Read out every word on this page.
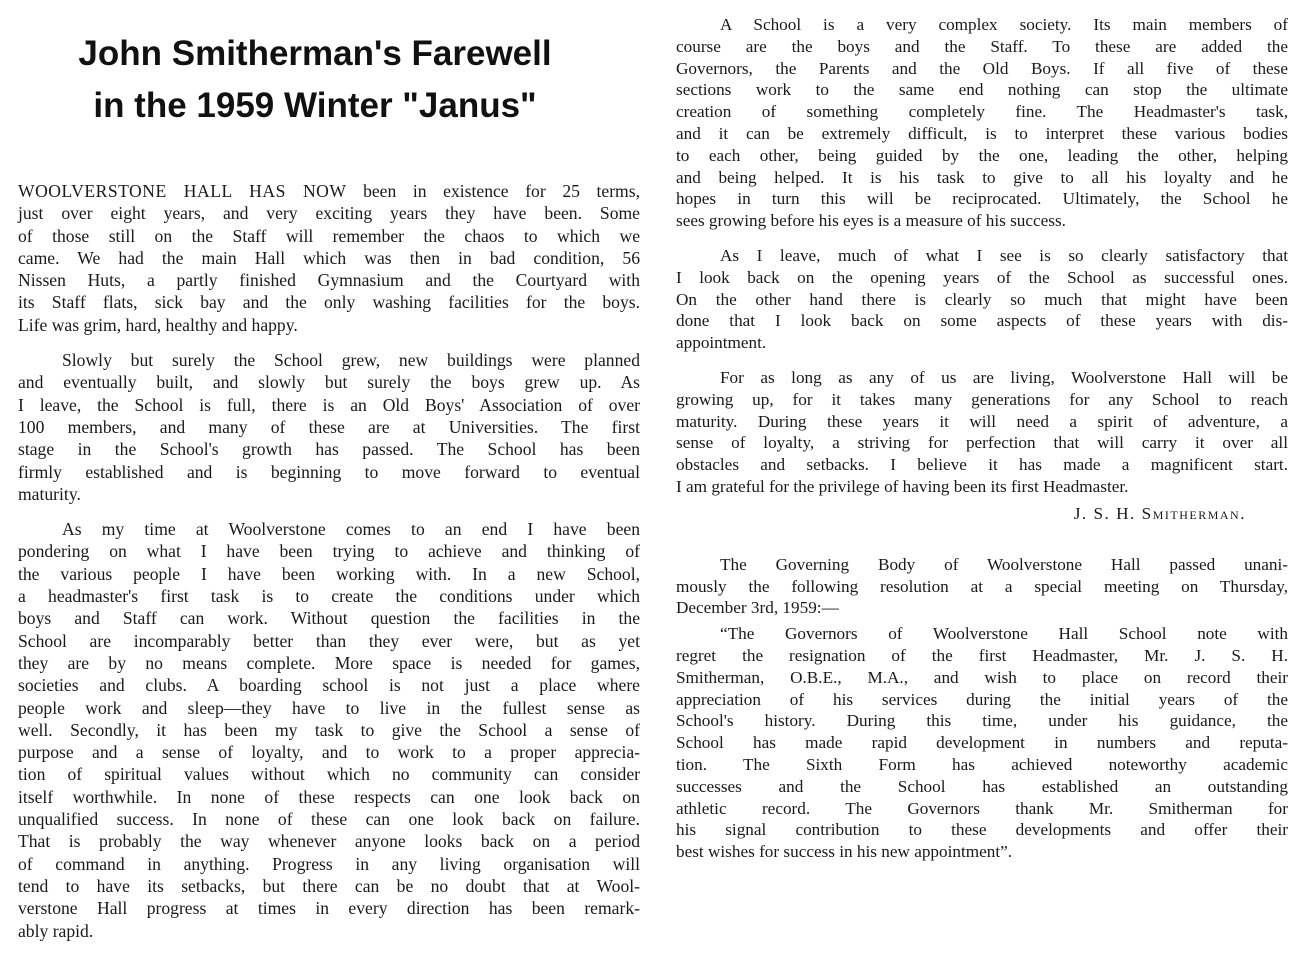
John Smitherman's Farewell
in the 1959 Winter "Janus"
WOOLVERSTONE HALL HAS NOW been in existence for 25 terms,
just over eight years, and very exciting years they have been. Some
of those still on the Staff will remember the chaos to which we
came. We had the main Hall which was then in bad condition, 56
Nissen Huts, a partly finished Gymnasium and the Courtyard with
its Staff flats, sick bay and the only washing facilities for the boys.
Life was grim, hard, healthy and happy.
Slowly but surely the School grew, new buildings were planned
and eventually built, and slowly but surely the boys grew up. As
I leave, the School is full, there is an Old Boys' Association of over
100 members, and many of these are at Universities. The first
stage in the School's growth has passed. The School has been
firmly established and is beginning to move forward to eventual
maturity.
As my time at Woolverstone comes to an end I have been
pondering on what I have been trying to achieve and thinking of
the various people I have been working with. In a new School,
a headmaster's first task is to create the conditions under which
boys and Staff can work. Without question the facilities in the
School are incomparably better than they ever were, but as yet
they are by no means complete. More space is needed for games,
societies and clubs. A boarding school is not just a place where
people work and sleep—they have to live in the fullest sense as
well. Secondly, it has been my task to give the School a sense of
purpose and a sense of loyalty, and to work to a proper apprecia-
tion of spiritual values without which no community can consider
itself worthwhile. In none of these respects can one look back on
unqualified success. In none of these can one look back on failure.
That is probably the way whenever anyone looks back on a period
of command in anything. Progress in any living organisation will
tend to have its setbacks, but there can be no doubt that at Wool-
verstone Hall progress at times in every direction has been remark-
ably rapid.
A School is a very complex society. Its main members of
course are the boys and the Staff. To these are added the
Governors, the Parents and the Old Boys. If all five of these
sections work to the same end nothing can stop the ultimate
creation of something completely fine. The Headmaster's task,
and it can be extremely difficult, is to interpret these various bodies
to each other, being guided by the one, leading the other, helping
and being helped. It is his task to give to all his loyalty and he
hopes in turn this will be reciprocated. Ultimately, the School he
sees growing before his eyes is a measure of his success.
As I leave, much of what I see is so clearly satisfactory that
I look back on the opening years of the School as successful ones.
On the other hand there is clearly so much that might have been
done that I look back on some aspects of these years with dis-
appointment.
For as long as any of us are living, Woolverstone Hall will be
growing up, for it takes many generations for any School to reach
maturity. During these years it will need a spirit of adventure, a
sense of loyalty, a striving for perfection that will carry it over all
obstacles and setbacks. I believe it has made a magnificent start.
I am grateful for the privilege of having been its first Headmaster.
J. S. H. Smitherman.
The Governing Body of Woolverstone Hall passed unani-
mously the following resolution at a special meeting on Thursday,
December 3rd, 1959:—
“The Governors of Woolverstone Hall School note with
regret the resignation of the first Headmaster, Mr. J. S. H.
Smitherman, O.B.E., M.A., and wish to place on record their
appreciation of his services during the initial years of the
School's history. During this time, under his guidance, the
School has made rapid development in numbers and reputa-
tion. The Sixth Form has achieved noteworthy academic
successes and the School has established an outstanding
athletic record. The Governors thank Mr. Smitherman for
his signal contribution to these developments and offer their
best wishes for success in his new appointment”.
